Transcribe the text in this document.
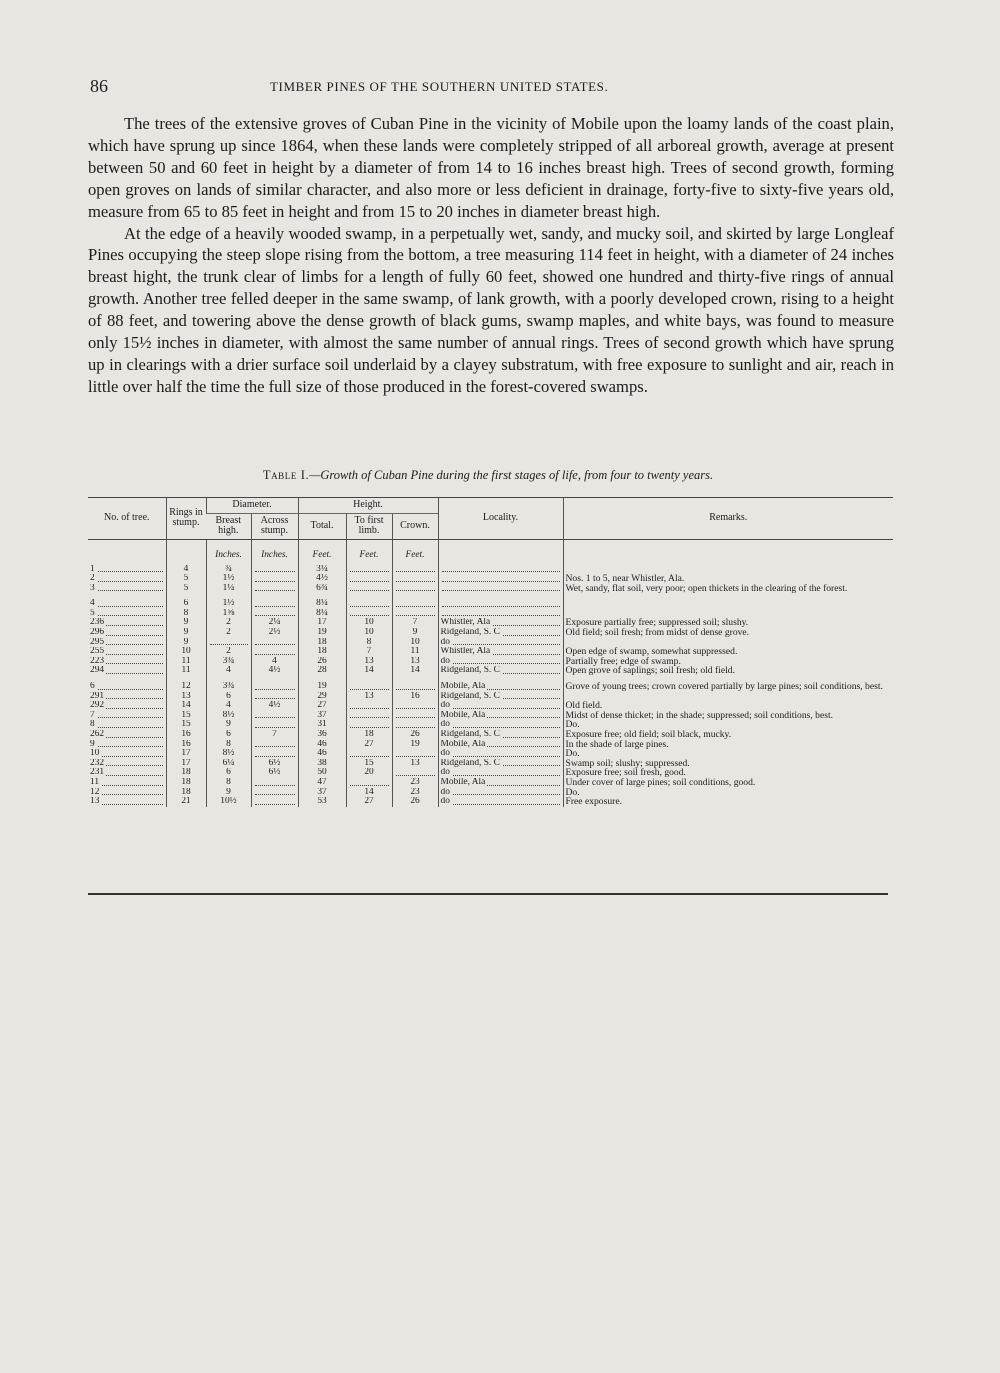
86	TIMBER PINES OF THE SOUTHERN UNITED STATES.

The trees of the extensive groves of Cuban Pine in the vicinity of Mobile upon the loamy lands of the coast plain, which have sprung up since 1864, when these lands were completely stripped of all arboreal growth, average at present between 50 and 60 feet in height by a diameter of from 14 to 16 inches breast high. Trees of second growth, forming open groves on lands of similar character, and also more or less deficient in drainage, forty-five to sixty-five years old, measure from 65 to 85 feet in height and from 15 to 20 inches in diameter breast high.

At the edge of a heavily wooded swamp, in a perpetually wet, sandy, and mucky soil, and skirted by large Longleaf Pines occupying the steep slope rising from the bottom, a tree measuring 114 feet in height, with a diameter of 24 inches breast hight, the trunk clear of limbs for a length of fully 60 feet, showed one hundred and thirty-five rings of annual growth. Another tree felled deeper in the same swamp, of lank growth, with a poorly developed crown, rising to a height of 88 feet, and towering above the dense growth of black gums, swamp maples, and white bays, was found to measure only 15½ inches in diameter, with almost the same number of annual rings. Trees of second growth which have sprung up in clearings with a drier surface soil underlaid by a clayey substratum, with free exposure to sunlight and air, reach in little over half the time the full size of those produced in the forest-covered swamps.

Table I.—Growth of Cuban Pine during the first stages of life, from four to twenty years.
No. of tree.	Rings in stump.	Diameter.		Height.			Locality.	Remarks.
		Breast high.	Across stump.	Total.	To first limb.	Crown.		
		Inches.	Inches.	Feet.	Feet.	Feet.		
1	4	¾		3¼				
2	5	1½		4½				Nos. 1 to 5, near Whistler, Ala.
3	5	1¼		6¾				Wet, sandy, flat soil, very poor; open thickets in the clearing of the forest.

4	6	1½		8¼				
5	8	1⅝		8¼				
236	9	2	2¼	17	10	7	Whistler, Ala	Exposure partially free; suppressed soil; slushy.
296	9	2	2½	19	10	9	Ridgeland, S. C	Old field; soil fresh; from midst of dense grove.
295	9			18	8	10	do	
255	10	2		18	7	11	Whistler, Ala	Open edge of swamp, somewhat suppressed.
223	11	3¾	4	26	13	13	do	Partially free; edge of swamp.
294	11	4	4½	28	14	14	Ridgeland, S. C	Open grove of saplings; soil fresh; old field.

6	12	3¾		19			Mobile, Ala	Grove of young trees; crown covered partially by large pines; soil conditions, best.
291	13	6		29	13	16	Ridgeland, S. C	
292	14	4	4½	27			do	Old field.
7	15	8½		37			Mobile, Ala	Midst of dense thicket; in the shade; suppressed; soil conditions, best.
8	15	9		31			do	Do.
262	16	6	7	36	18	26	Ridgeland, S. C	Exposure free; old field; soil black, mucky.
9	16	8		46	27	19	Mobile, Ala	In the shade of large pines.
10	17	8½		46			do	Do.
232	17	6¼	6½	38	15	13	Ridgeland, S. C	Swamp soil; slushy; suppressed.
231	18	6	6½	50	20		do	Exposure free; soil fresh, good.
11	18	8		47		23	Mobile, Ala	Under cover of large pines; soil conditions, good.
12	18	9		37	14	23	do	Do.
13	21	10½		53	27	26	do	Free exposure.
